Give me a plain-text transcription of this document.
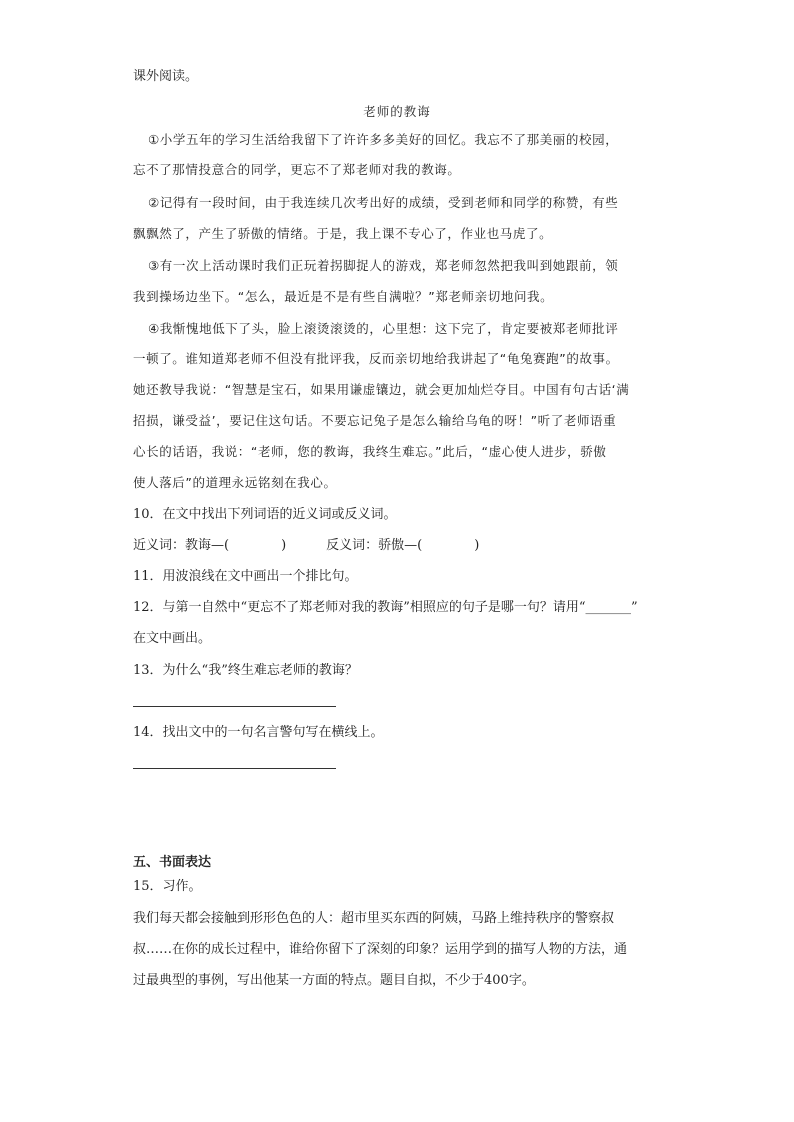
课外阅读。
老师的教诲
①小学五年的学习生活给我留下了许许多多美好的回忆。我忘不了那美丽的校园，
忘不了那情投意合的同学，更忘不了郑老师对我的教诲。
②记得有一段时间，由于我连续几次考出好的成绩，受到老师和同学的称赞，有些
飘飘然了，产生了骄傲的情绪。于是，我上课不专心了，作业也马虎了。
③有一次上活动课时我们正玩着拐脚捉人的游戏，郑老师忽然把我叫到她跟前，领
我到操场边坐下。“怎么，最近是不是有些自满啦？”郑老师亲切地问我。
④我惭愧地低下了头，脸上滚烫滚烫的，心里想：这下完了，肯定要被郑老师批评
一顿了。谁知道郑老师不但没有批评我，反而亲切地给我讲起了“龟兔赛跑”的故事。
她还教导我说：“智慧是宝石，如果用谦虚镶边，就会更加灿烂夺目。中国有句古话‘满
招损，谦受益’，要记住这句话。不要忘记兔子是怎么输给乌龟的呀！”听了老师语重
心长的话语，我说：“老师，您的教诲，我终生难忘。”此后，“虚心使人进步，骄傲
使人落后”的道理永远铭刻在我心。
10．在文中找出下列词语的近义词或反义词。
近义词：教诲—(	)	反义词：骄傲—(	)
11．用波浪线在文中画出一个排比句。
12．与第一自然中“更忘不了郑老师对我的教诲”相照应的句子是哪一句？请用“_______”
在文中画出。
13．为什么“我”终生难忘老师的教诲？
14．找出文中的一句名言警句写在横线上。
五、书面表达
15．习作。
我们每天都会接触到形形色色的人：超市里买东西的阿姨，马路上维持秩序的警察叔
叔……在你的成长过程中，谁给你留下了深刻的印象？运用学到的描写人物的方法，通
过最典型的事例，写出他某一方面的特点。题目自拟，不少于400字。
